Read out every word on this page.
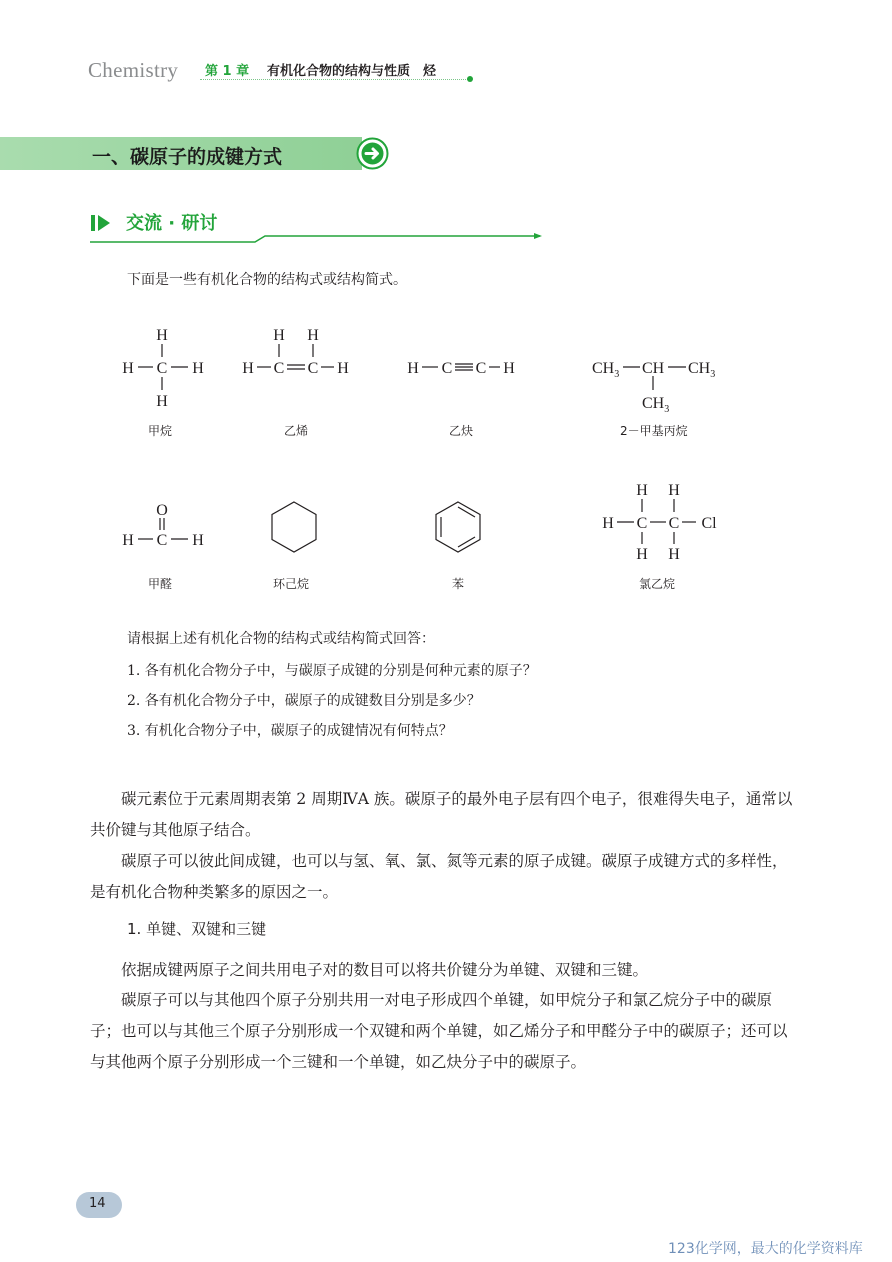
Chemistry 第 1 章 有机化合物的结构与性质　烃
一、碳原子的成键方式
交流 · 研讨
下面是一些有机化合物的结构式或结构简式。
H
H C H
H
甲烷
H H
H C C H
乙烯
H C C H
乙炔
$CH_3$ CH $CH_3$
$CH_3$
2－甲基丙烷
O
H C H
甲醛	环己烷	苯
H H
H C C Cl
H H
氯乙烷
请根据上述有机化合物的结构式或结构简式回答：
1. 各有机化合物分子中，与碳原子成键的分别是何种元素的原子？
2. 各有机化合物分子中，碳原子的成键数目分别是多少？
3. 有机化合物分子中，碳原子的成键情况有何特点？
碳元素位于元素周期表第 2 周期ⅣA 族。碳原子的最外电子层有四个电子，很难得失电子，通常以共价键与其他原子结合。
碳原子可以彼此间成键，也可以与氢、氧、氯、氮等元素的原子成键。碳原子成键方式的多样性，是有机化合物种类繁多的原因之一。
1. 单键、双键和三键
依据成键两原子之间共用电子对的数目可以将共价键分为单键、双键和三键。
碳原子可以与其他四个原子分别共用一对电子形成四个单键，如甲烷分子和氯乙烷分子中的碳原子；也可以与其他三个原子分别形成一个双键和两个单键，如乙烯分子和甲醛分子中的碳原子；还可以与其他两个原子分别形成一个三键和一个单键，如乙炔分子中的碳原子。
14
123化学网，最大的化学资料库
